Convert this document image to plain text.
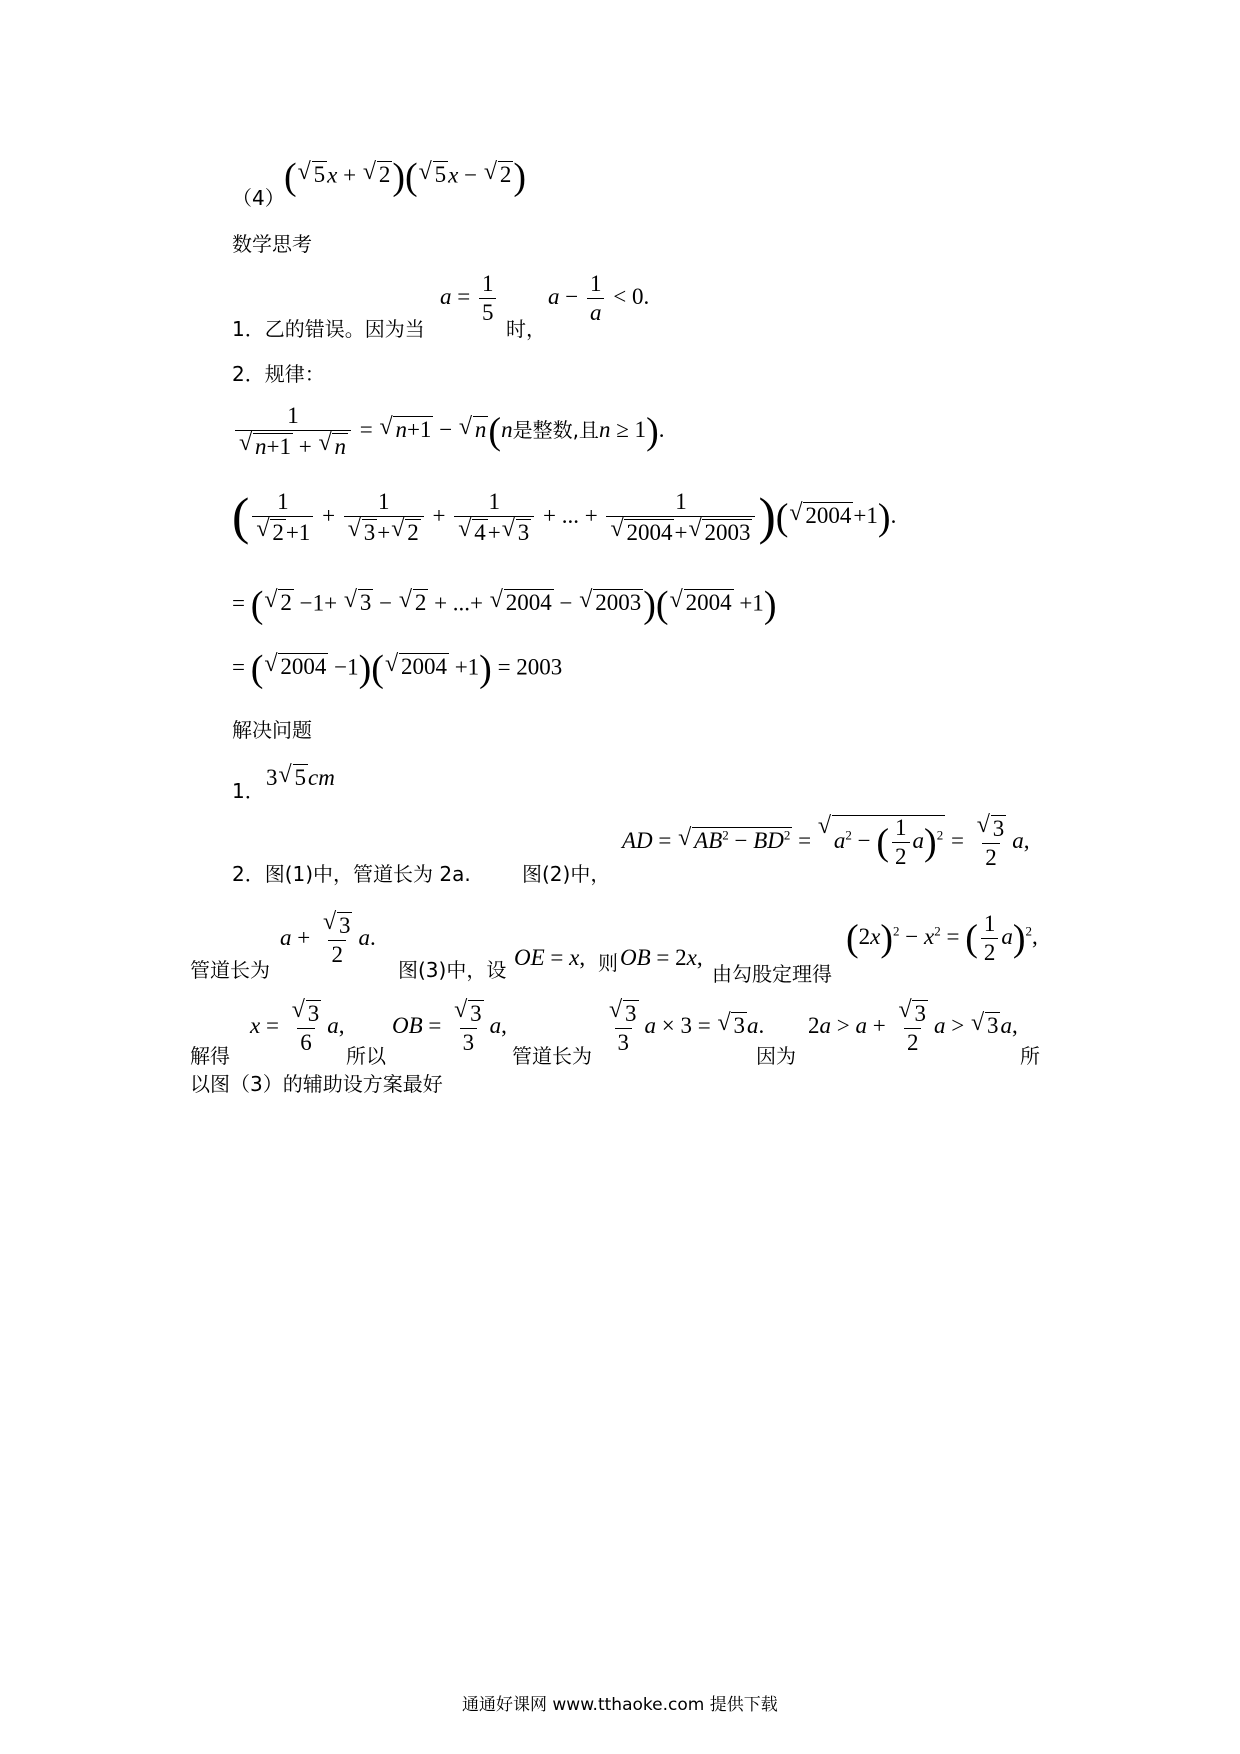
（4） ( √ 5x + √ 2)( √ 5x − √ 2)
数学思考
1．乙的错误。因为当
$a = \frac{1}{5}$
时，
$a - \frac{1}{a} < 0$.
2．规律：
1
√ n+1 + √ n = √ n+1 − √ n(n是整数,且n ≥ 1).
( 1
√ 2+1 + 1
√ 3+ √ 2 + 1
√ 4+ √ 3 + ... + 1
√ 2004+ √ 2003 )( √ 2004+1).
= ( √ 2 −1+ √ 3 − √ 2 + ...+ √ 2004 − √ 2003)( √ 2004 +1)
= ( √ 2004 −1)( √ 2004 +1) = 2003
解决问题
1．
3 √ 5cm
2．图(1)中，管道长为 2a.	图(2)中，
AD = √ $AB^2 - BD^2$ = √ $a^2$ − ( $\frac{1}{2} a)^2$ = √ $\frac{3}{2} a$,
管道长为
a + √ $\frac{3}{2} a$.
图(3)中，设 OE = x, 则 OB = 2x,
由勾股定理得
$(2x)^2 - x^2$ = ( $\frac{1}{2} a)^2$,
解得
x = √ $\frac{3}{6} a$,
所以
OB = √ $\frac{3}{3} a$,
管道长为
√ $\frac{3}{3}$ a × 3 = √ 3a.
因为
2a > a + √ $\frac{3}{2}$ a > √ 3a,
所
以图（3）的辅助设方案最好
通通好课网 www.tthaoke.com 提供下载
